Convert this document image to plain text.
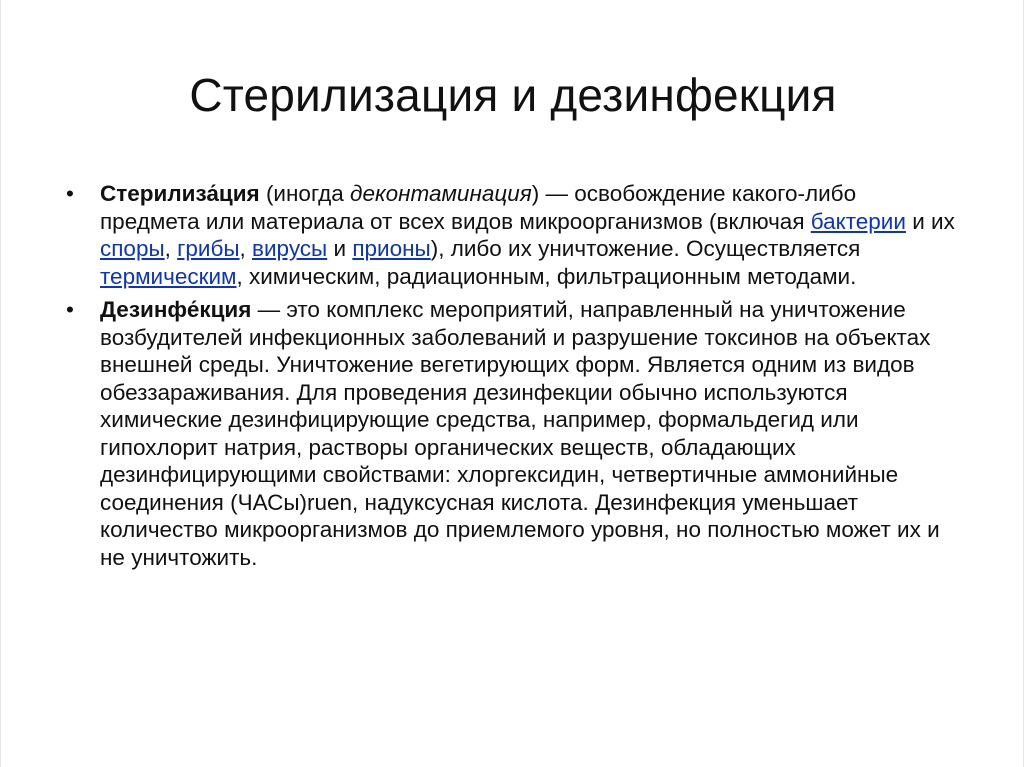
Стерилизация и дезинфекция
•	Стерилиза́ция (иногда деконтаминация) — освобождение какого-либо предмета или материала от всех видов микроорганизмов (включая бактерии и их споры, грибы, вирусы и прионы), либо их уничтожение. Осуществляется термическим, химическим, радиационным, фильтрационным методами.
•	Дезинфе́кция — это комплекс мероприятий, направленный на уничтожение возбудителей инфекционных заболеваний и разрушение токсинов на объектах внешней среды. Уничтожение вегетирующих форм. Является одним из видов обеззараживания. Для проведения дезинфекции обычно используются химические дезинфицирующие средства, например, формальдегид или гипохлорит натрия, растворы органических веществ, обладающих дезинфицирующими свойствами: хлоргексидин, четвертичные аммонийные соединения (ЧАСы)ruen, надуксусная кислота. Дезинфекция уменьшает количество микроорганизмов до приемлемого уровня, но полностью может их и не уничтожить.
